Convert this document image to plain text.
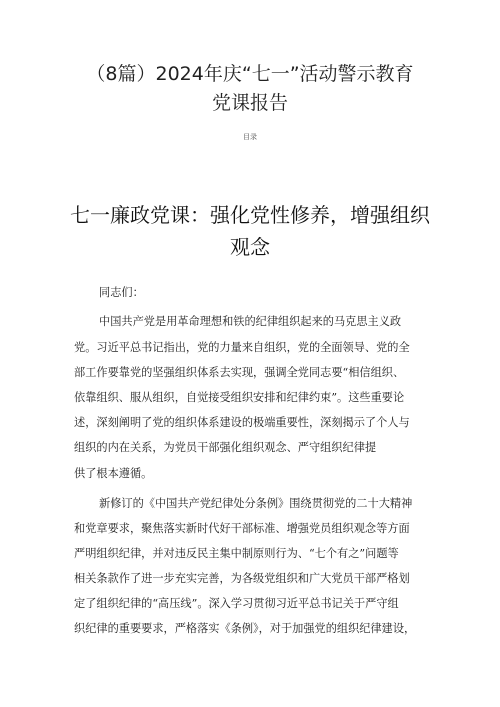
（8篇）2024年庆“七一”活动警示教育
党课报告
目录
七一廉政党课：强化党性修养，增强组织
观念
同志们：
中国共产党是用革命理想和铁的纪律组织起来的马克思主义政
党。习近平总书记指出，党的力量来自组织，党的全面领导、党的全
部工作要靠党的坚强组织体系去实现，强调全党同志要“相信组织、
依靠组织、服从组织，自觉接受组织安排和纪律约束”。这些重要论
述，深刻阐明了党的组织体系建设的极端重要性，深刻揭示了个人与
组织的内在关系，为党员干部强化组织观念、严守组织纪律提
供了根本遵循。
新修订的《中国共产党纪律处分条例》围绕贯彻党的二十大精神
和党章要求，聚焦落实新时代好干部标准、增强党员组织观念等方面
严明组织纪律，并对违反民主集中制原则行为、“七个有之”问题等
相关条款作了进一步充实完善，为各级党组织和广大党员干部严格划
定了组织纪律的“高压线”。深入学习贯彻习近平总书记关于严守组
织纪律的重要要求，严格落实《条例》，对于加强党的组织纪律建设，
